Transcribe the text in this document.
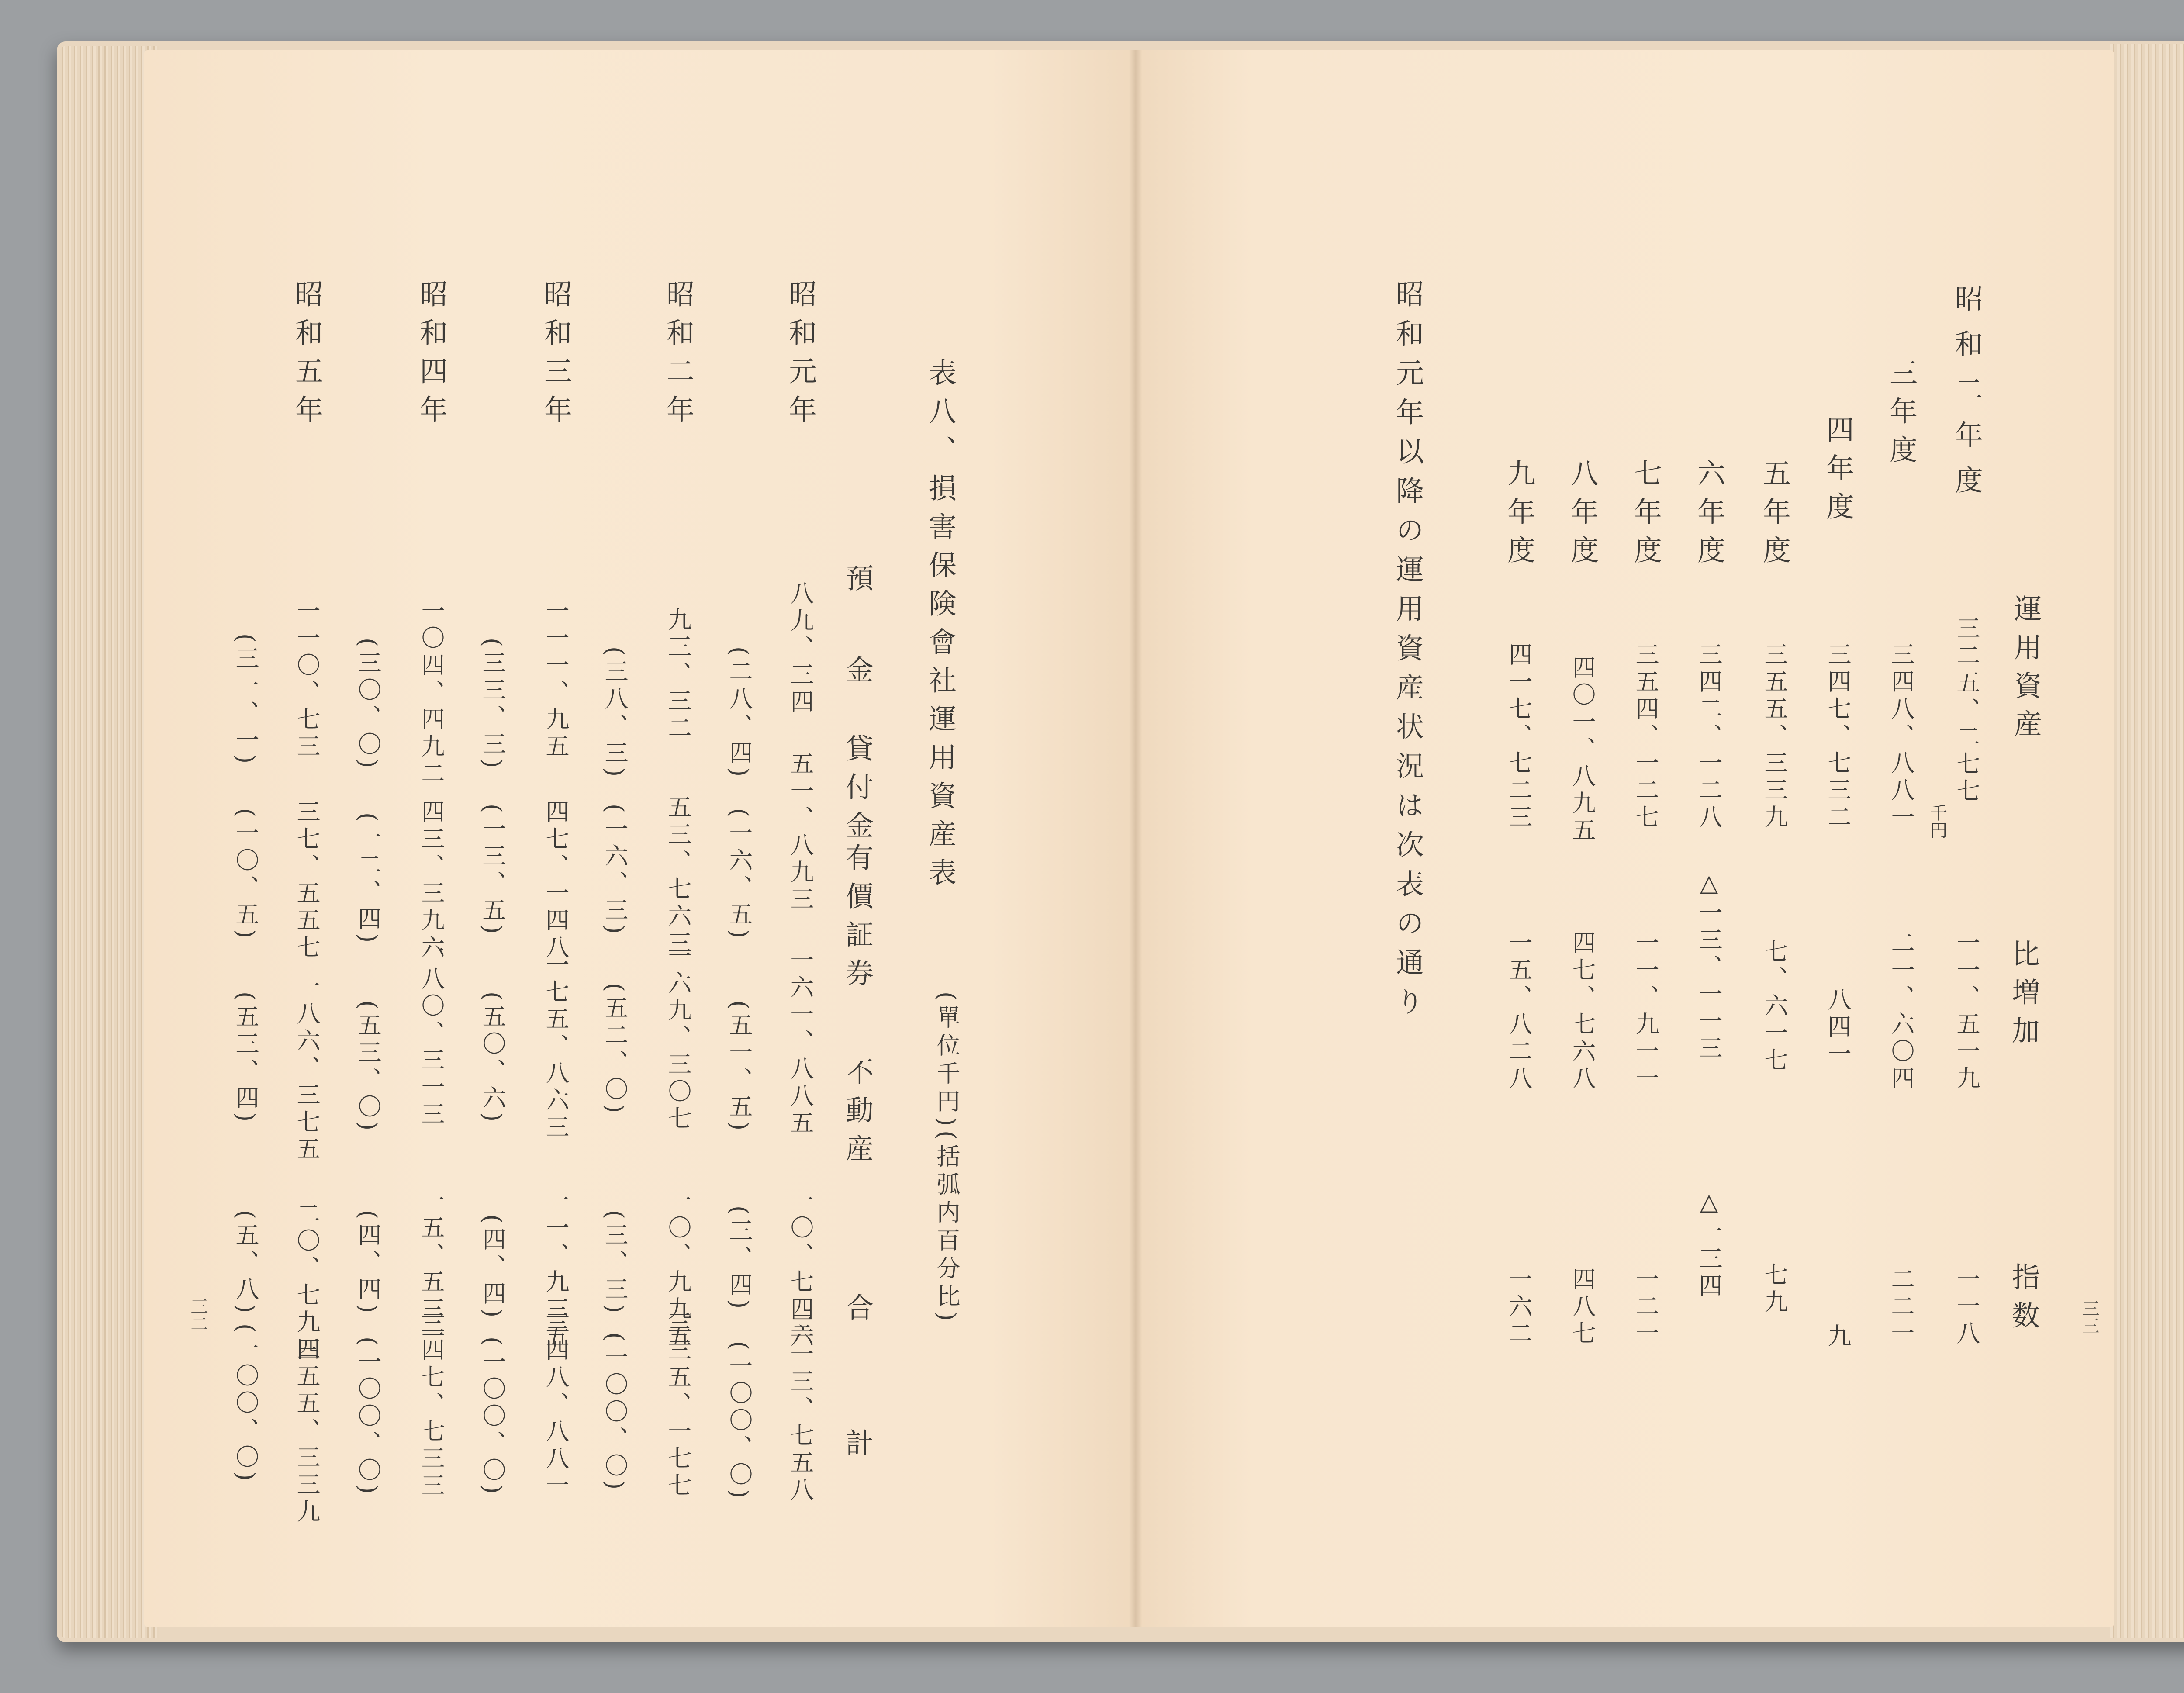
表八、損害保険會社運用資産表
(單位千円)(括弧内百分比)
預
金
貸付金
有價証券
不動産
合
計
昭和元年
八九、三四
(二八、四)
五一、八九三
(一六、五)
一六一、八八五
(五一、五)
一〇、七四六
(三、四)
三一三、七五八
(一〇〇、〇)
昭和二年
九三、三二
(三八、三)
五三、七六三
(一六、三)
一六九、三〇七
(五二、〇)
一〇、九九五
(三、三)
三三五、一七七
(一〇〇、〇)
昭和三年
一一一、九五
(三三、三)
四七、一四八
(一三、五)
一七五、八六三
(五〇、六)
一一、九三五
(四、四)
三四八、八八一
(一〇〇、〇)
昭和四年
一〇四、四九二
(三〇、〇)
四三、三九六
(一二、四)
一八〇、三一三
(五三、〇)
一五、五三一
(四、四)
三四七、七三三
(一〇〇、〇)
昭和五年
一一〇、七三
(三一、一)
三七、五五七
(一〇、五)
一八六、三七五
(五三、四)
二〇、七九四
(五、八)
三五五、三三九
(一〇〇、〇)
三二
運用資産
千円
比増加
指数
昭和二年度
三二五、二七七
一一、五一九
一一八
三年度
三四八、八八一
二一、六〇四
二二一
四年度
三四七、七三二
八四一
九
五年度
三五五、三三九
七、六一七
七九
六年度
三四二、一二八
△一三、一一三
△一三四
七年度
三五四、一二七
一一、九一一
一二一
八年度
四〇一、八九五
四七、七六八
四八七
九年度
四一七、七二三
一五、八二八
一六二
昭和元年以降の運用資産状況は次表の通り
三三
